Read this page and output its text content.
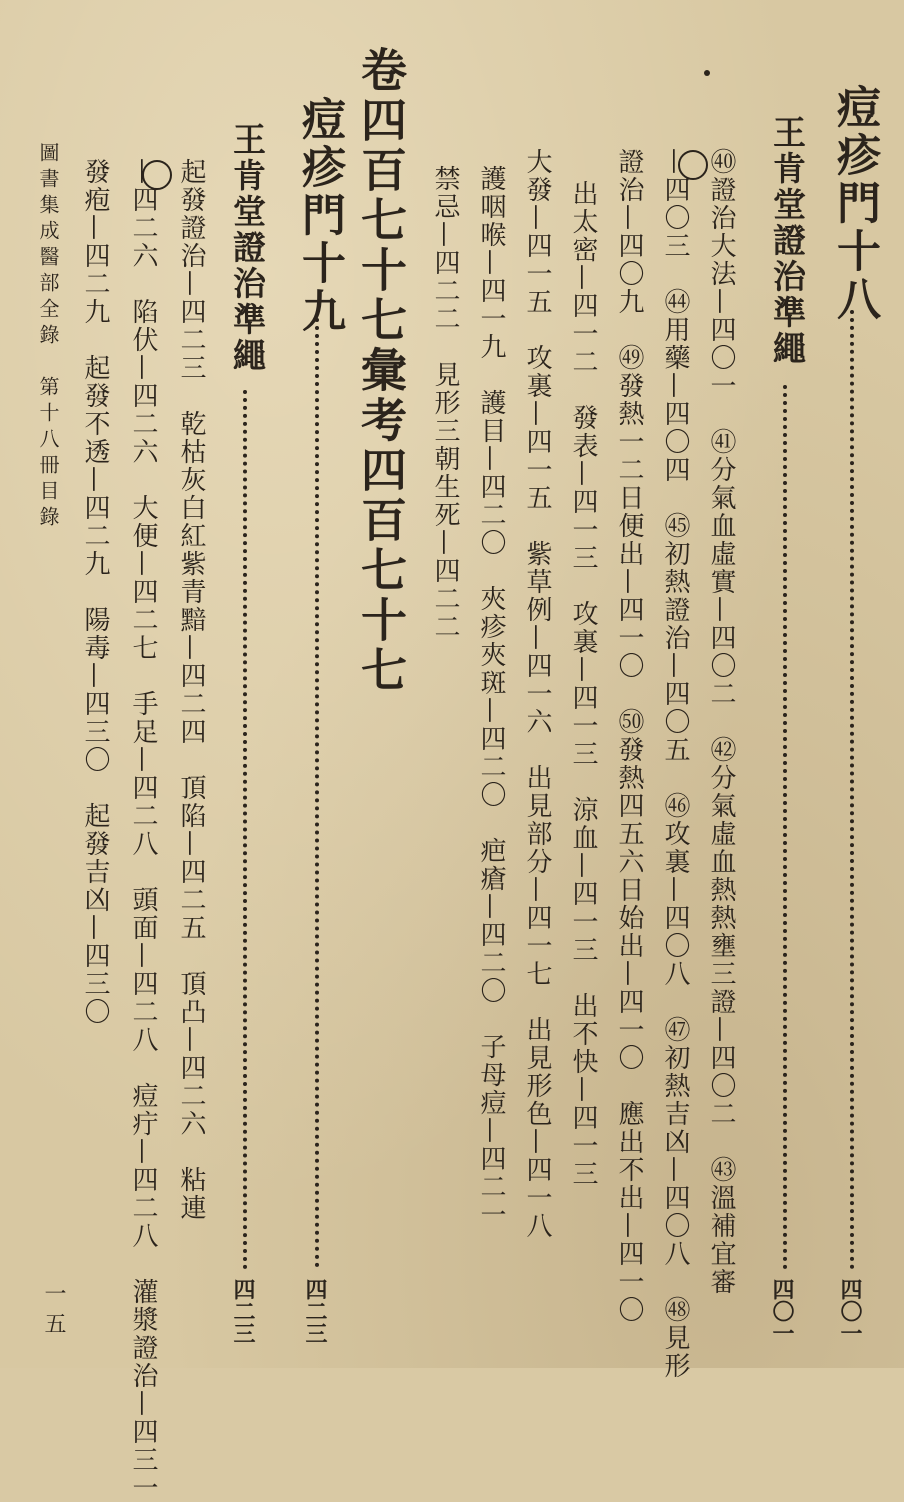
痘疹門十八
四〇一
王肯堂證治準繩
四〇一
㊵證治大法—四〇一　㊶分氣血虛實—四〇二　㊷分氣虛血熱熱壅三證—四〇二　㊸溫補宜審
—四〇三　㊹用藥—四〇四　㊺初熱證治—四〇五　㊻攻裏—四〇八　㊼初熱吉凶—四〇八　㊽見形
證治—四〇九　㊾發熱一二日便出—四一〇　㊿發熱四五六日始出—四一〇　應出不出—四一〇
出太密—四一二　發表—四一三　攻裏—四一三　涼血—四一三　出不快—四一三
大發—四一五　攻裏—四一五　紫草例—四一六　出見部分—四一七　出見形色—四一八
護咽喉—四一九　護目—四二〇　夾疹夾斑—四二〇　疤瘡—四二〇　子母痘—四二一
禁忌—四二二　見形三朝生死—四二二
卷四百七十七彙考四百七十七
痘疹門十九
四二三
王肯堂證治準繩
四二三
起發證治—四二三　乾枯灰白紅紫青黯—四二四　頂陷—四二五　頂凸—四二六　粘連
—四二六　陷伏—四二六　大便—四二七　手足—四二八　頭面—四二八　痘疔—四二八　灌漿證治—四三一
發疱—四二九　起發不透—四二九　陽毒—四三〇　起發吉凶—四三〇
圖書集成醫部全錄　第十八冊目錄
一五
